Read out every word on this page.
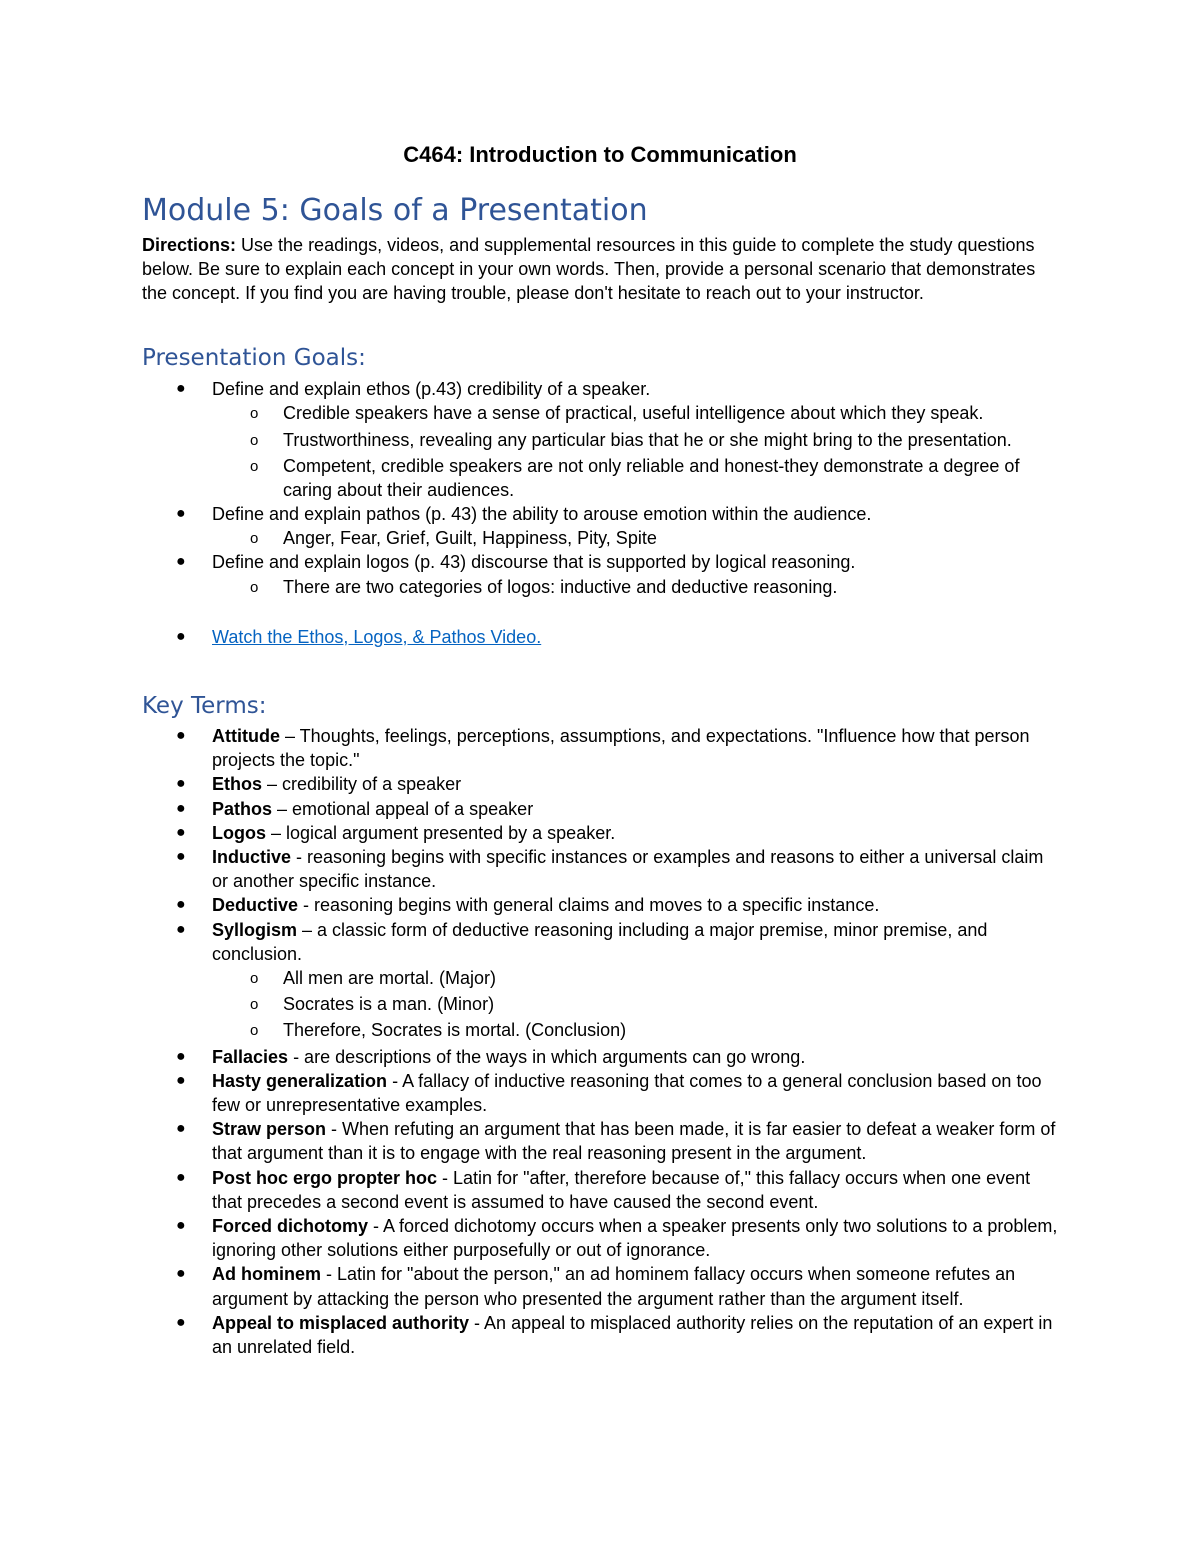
C464: Introduction to Communication
Module 5: Goals of a Presentation
Directions: Use the readings, videos, and supplemental resources in this guide to complete the study questions below. Be sure to explain each concept in your own words. Then, provide a personal scenario that demonstrates the concept. If you find you are having trouble, please don't hesitate to reach out to your instructor.
Presentation Goals:
● Define and explain ethos (p.43) credibility of a speaker.
o Credible speakers have a sense of practical, useful intelligence about which they speak.
o Trustworthiness, revealing any particular bias that he or she might bring to the presentation.
o Competent, credible speakers are not only reliable and honest-they demonstrate a degree of caring about their audiences.
● Define and explain pathos (p. 43) the ability to arouse emotion within the audience.
o Anger, Fear, Grief, Guilt, Happiness, Pity, Spite
● Define and explain logos (p. 43) discourse that is supported by logical reasoning.
o There are two categories of logos: inductive and deductive reasoning.
● Watch the Ethos, Logos, & Pathos Video.
Key Terms:
● Attitude – Thoughts, feelings, perceptions, assumptions, and expectations. "Influence how that person projects the topic."
● Ethos – credibility of a speaker
● Pathos – emotional appeal of a speaker
● Logos – logical argument presented by a speaker.
● Inductive - reasoning begins with specific instances or examples and reasons to either a universal claim or another specific instance.
● Deductive - reasoning begins with general claims and moves to a specific instance.
● Syllogism – a classic form of deductive reasoning including a major premise, minor premise, and conclusion.
o All men are mortal. (Major)
o Socrates is a man. (Minor)
o Therefore, Socrates is mortal. (Conclusion)
● Fallacies - are descriptions of the ways in which arguments can go wrong.
● Hasty generalization - A fallacy of inductive reasoning that comes to a general conclusion based on too few or unrepresentative examples.
● Straw person - When refuting an argument that has been made, it is far easier to defeat a weaker form of that argument than it is to engage with the real reasoning present in the argument.
● Post hoc ergo propter hoc - Latin for "after, therefore because of," this fallacy occurs when one event that precedes a second event is assumed to have caused the second event.
● Forced dichotomy - A forced dichotomy occurs when a speaker presents only two solutions to a problem, ignoring other solutions either purposefully or out of ignorance.
● Ad hominem - Latin for "about the person," an ad hominem fallacy occurs when someone refutes an argument by attacking the person who presented the argument rather than the argument itself.
● Appeal to misplaced authority - An appeal to misplaced authority relies on the reputation of an expert in an unrelated field.
